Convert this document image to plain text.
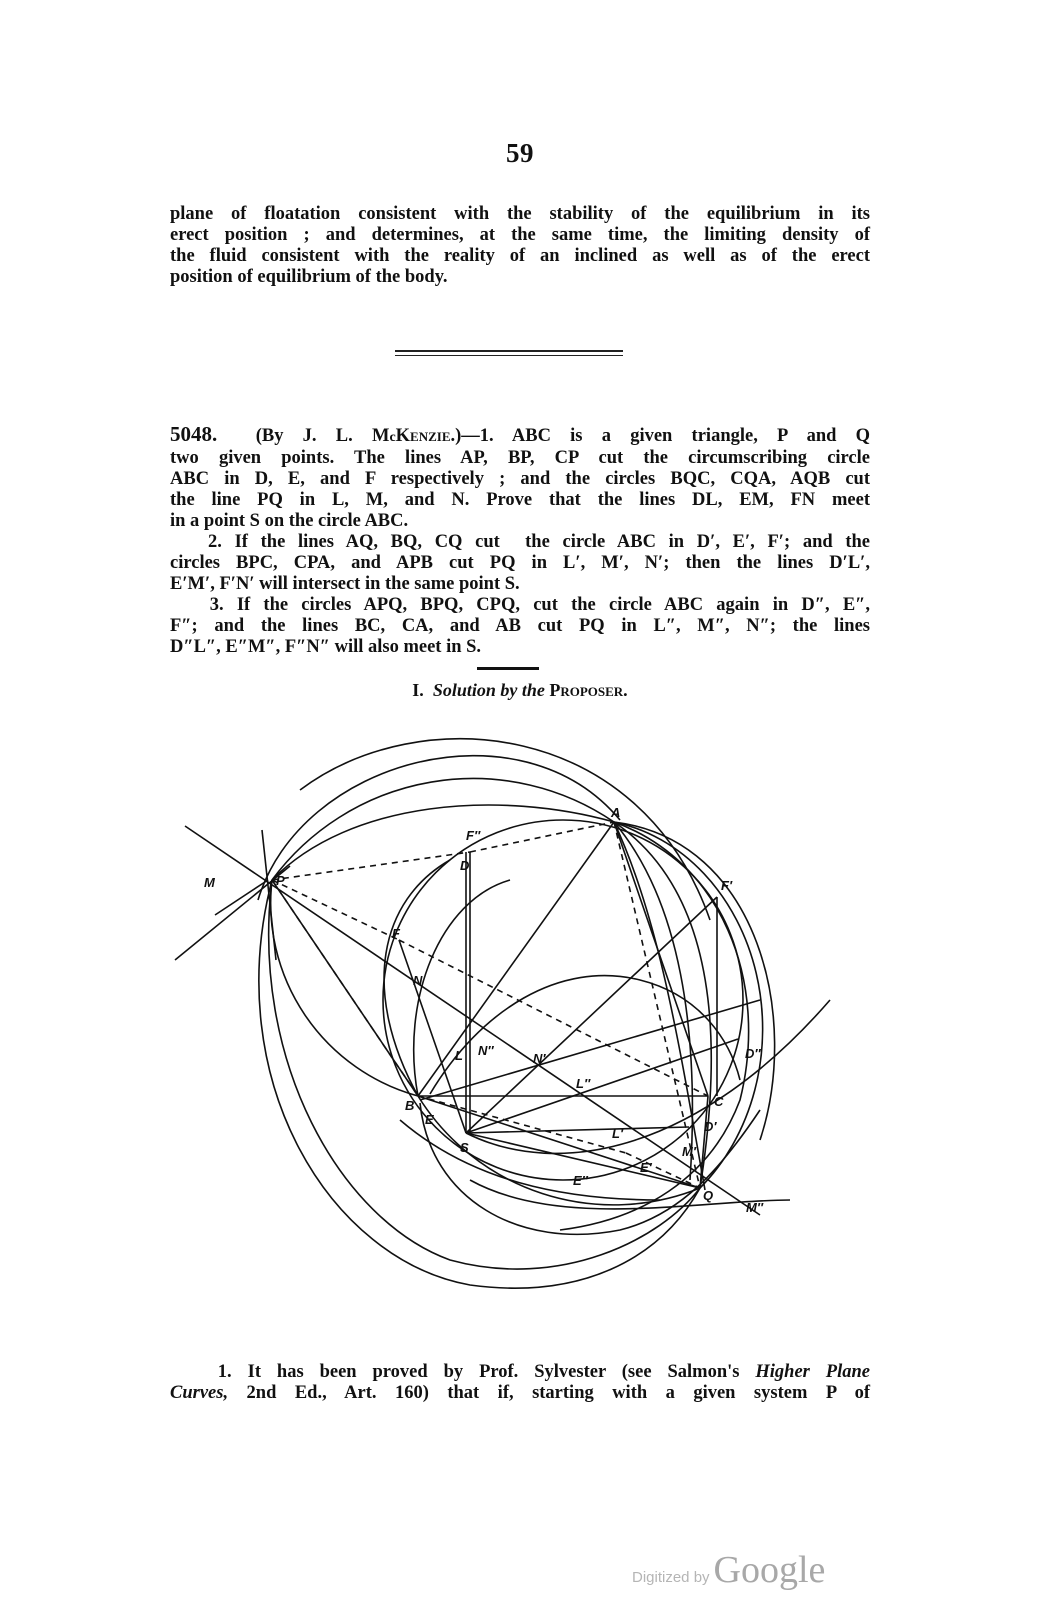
59
plane of floatation consistent with the stability of the equilibrium in its
erect position ; and determines, at the same time, the limiting density of
the fluid consistent with the reality of an inclined as well as of the erect
position of equilibrium of the body.
5048. (By J. L. McKenzie.)—1. ABC is a given triangle, P and Q
two given points. The lines AP, BP, CP cut the circumscribing circle
ABC in D, E, and F respectively ; and the circles BQC, CQA, AQB cut
the line PQ in L, M, and N. Prove that the lines DL, EM, FN meet
in a point S on the circle ABC.
2. If the lines AQ, BQ, CQ cut  the circle ABC in D′, E′, F′; and the
circles BPC, CPA, and APB cut PQ in L′, M′, N′; then the lines D′L′,
E′M′, F′N′ will intersect in the same point S.
3. If the circles APQ, BPQ, CPQ, cut the circle ABC again in D″, E″,
F″; and the lines BC, CA, and AB cut PQ in L″, M″, N″; the lines
D″L″, E″M″, F″N″ will also meet in S.
I. Solution by the Proposer.
A
B	C
P
Q
S
D
E
F
L
M
N
D′
E′
F′
L′
M′
N′	D″
E″
F″
L″
N″
M″
1. It has been proved by Prof. Sylvester (see Salmon's Higher Plane
Curves, 2nd Ed., Art. 160) that if, starting with a given system P of
Digitized by Google
